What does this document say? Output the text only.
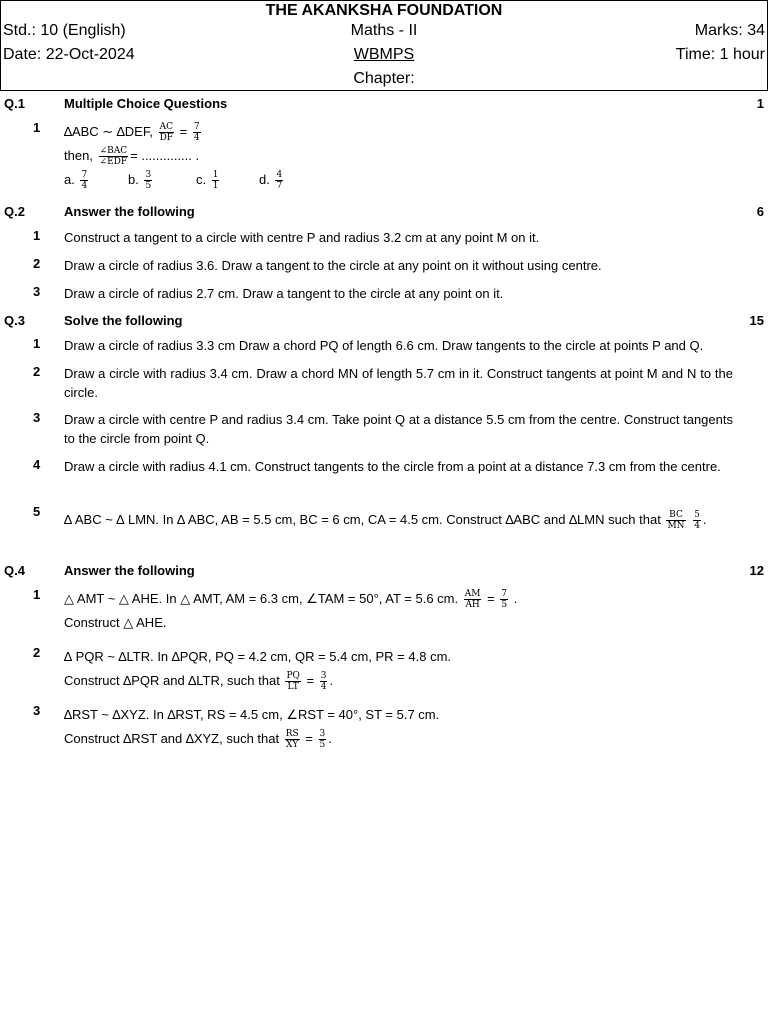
THE AKANKSHA FOUNDATION
Std.: 10 (English)	Maths - II	Marks: 34
Date: 22-Oct-2024	WBMPS	Time: 1 hour
Chapter:
Q.1	Multiple Choice Questions	1
1 ∆ABC ∼ ∆DEF, $\frac{AC}{DF} = \frac{7}{4}$
then, $\frac{\text{∠BAC}}{\text{∠EDF}}$ = .............. .
a. $\frac{7}{4}$	b. $\frac{3}{5}$	c. $\frac{1}{1}$	d. $\frac{4}{7}$
Q.2	Answer the following	6
1 Construct a tangent to a circle with centre P and radius 3.2 cm at any point M on it.
2 Draw a circle of radius 3.6. Draw a tangent to the circle at any point on it without using centre.
3 Draw a circle of radius 2.7 cm. Draw a tangent to the circle at any point on it.
Q.3	Solve the following	15
1 Draw a circle of radius 3.3 cm Draw a chord PQ of length 6.6 cm. Draw tangents to the circle at points P and Q.
2 Draw a circle with radius 3.4 cm. Draw a chord MN of length 5.7 cm in it. Construct tangents at point M and N to the circle.
3 Draw a circle with centre P and radius 3.4 cm. Take point Q at a distance 5.5 cm from the centre. Construct tangents to the circle from point Q.
4 Draw a circle with radius 4.1 cm. Construct tangents to the circle from a point at a distance 7.3 cm from the centre.
5
∆ ABC ~ ∆ LMN. In ∆ ABC, AB = 5.5 cm, BC = 6 cm, CA = 4.5 cm. Construct ∆ABC and ∆LMN such that $\frac{BC}{MN}$
$\frac{5}{4}$ .
Q.4	Answer the following	12
1 △ AMT ~ △ AHE. In △ AMT, AM = 6.3 cm, ∠TAM = 50°, AT = 5.6 cm. $\frac{AM}{AH} = \frac{7}{5}$ .
Construct △ AHE.
2 ∆ PQR ~ ∆LTR. In ∆PQR, PQ = 4.2 cm, QR = 5.4 cm, PR = 4.8 cm.
Construct ∆PQR and ∆LTR, such that $\frac{PQ}{LT} = \frac{3}{4}$ .
3 ∆RST ~ ∆XYZ. In ∆RST, RS = 4.5 cm, ∠RST = 40°, ST = 5.7 cm.
Construct ∆RST and ∆XYZ, such that $\frac{RS}{XY} = \frac{3}{5}$ .
